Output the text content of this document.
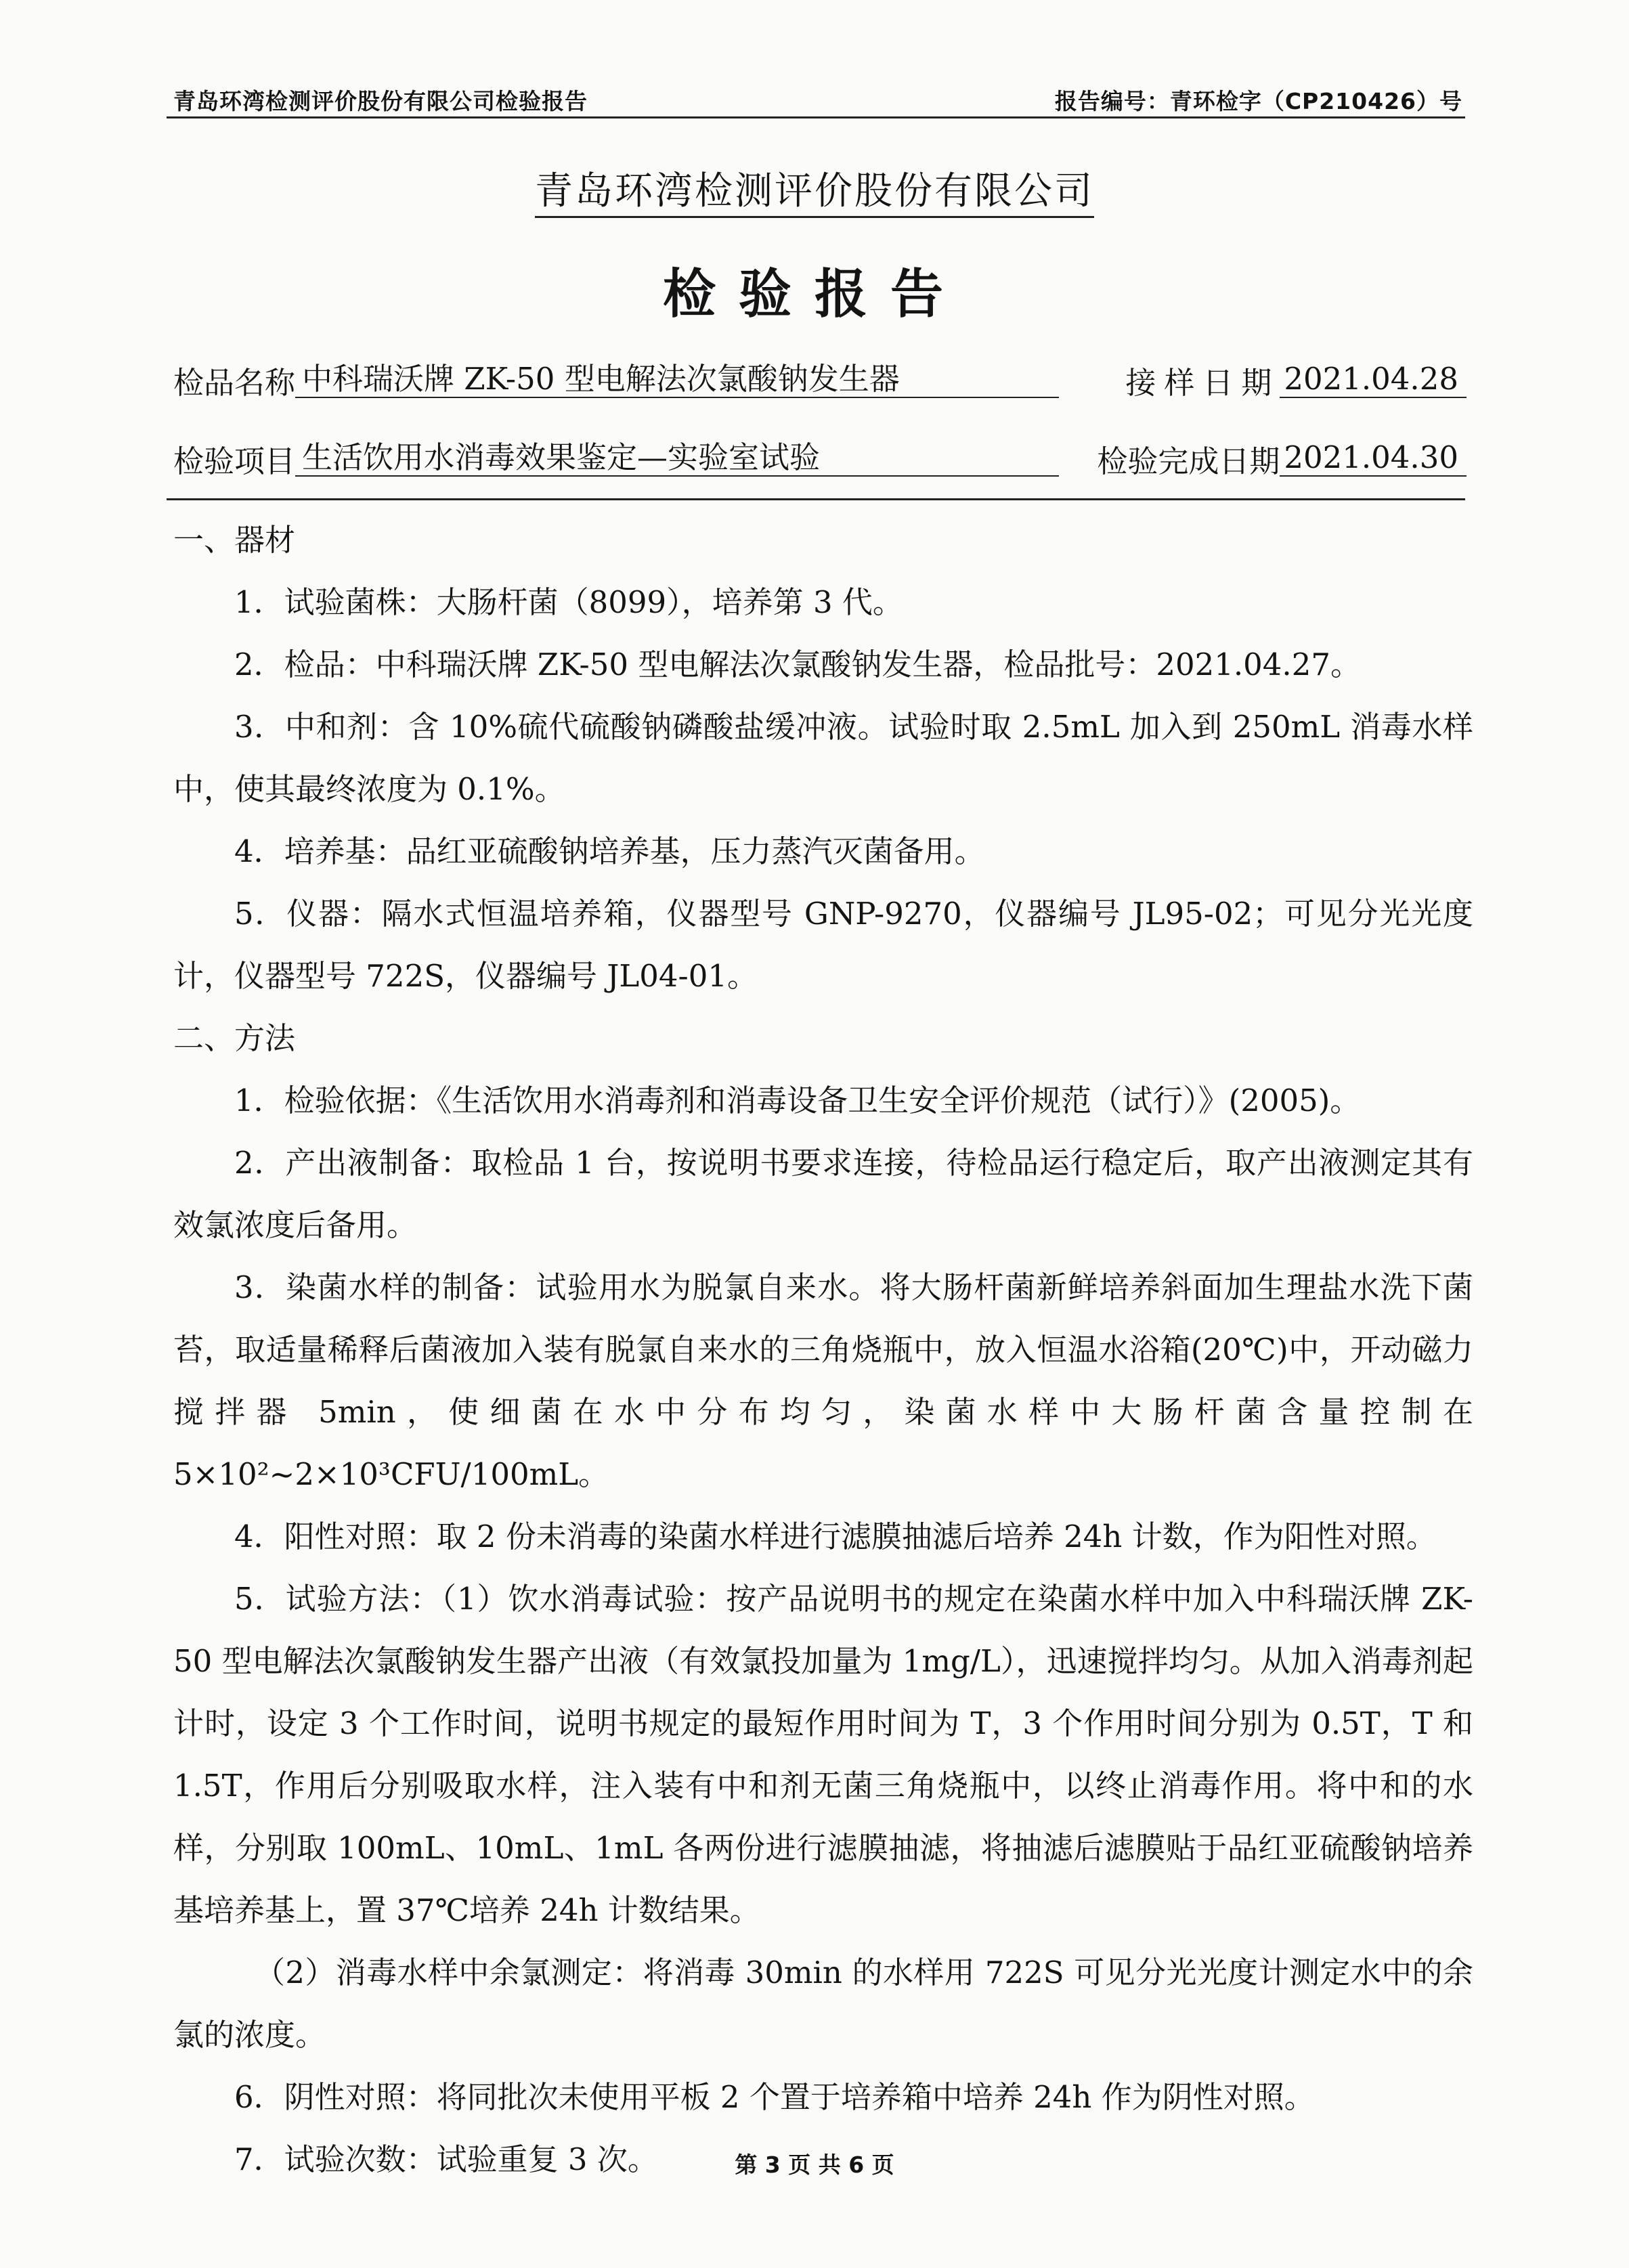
青岛环湾检测评价股份有限公司检验报告	报告编号：青环检字（CP210426）号
青岛环湾检测评价股份有限公司
检验报告
检品名称 中科瑞沃牌 ZK-50 型电解法次氯酸钠发生器	接样日期 2021.04.28
检验项目 生活饮用水消毒效果鉴定—实验室试验	检验完成日期 2021.04.30

一、器材

1．试验菌株：大肠杆菌（8099），培养第 3 代。

2．检品：中科瑞沃牌 ZK-50 型电解法次氯酸钠发生器，检品批号：2021.04.27。

3．中和剂：含 10%硫代硫酸钠磷酸盐缓冲液。试验时取 2.5mL 加入到 250mL 消毒水样中，使其最终浓度为 0.1%。

4．培养基：品红亚硫酸钠培养基，压力蒸汽灭菌备用。

5．仪器：隔水式恒温培养箱，仪器型号 GNP-9270，仪器编号 JL95-02；可见分光光度计，仪器型号 722S，仪器编号 JL04-01。

二、方法

1．检验依据：《生活饮用水消毒剂和消毒设备卫生安全评价规范（试行）》(2005)。

2．产出液制备：取检品 1 台，按说明书要求连接，待检品运行稳定后，取产出液测定其有效氯浓度后备用。

3．染菌水样的制备：试验用水为脱氯自来水。将大肠杆菌新鲜培养斜面加生理盐水洗下菌苔，取适量稀释后菌液加入装有脱氯自来水的三角烧瓶中，放入恒温水浴箱(20℃)中，开动磁力搅拌器 5min，使细菌在水中分布均匀，染菌水样中大肠杆菌含量控制在 5×10²~2×10³CFU/100mL。

4．阳性对照：取 2 份未消毒的染菌水样进行滤膜抽滤后培养 24h 计数，作为阳性对照。

5．试验方法：（1）饮水消毒试验：按产品说明书的规定在染菌水样中加入中科瑞沃牌 ZK-50 型电解法次氯酸钠发生器产出液（有效氯投加量为 1mg/L），迅速搅拌均匀。从加入消毒剂起计时，设定 3 个工作时间，说明书规定的最短作用时间为 T，3 个作用时间分别为 0.5T，T 和 1.5T，作用后分别吸取水样，注入装有中和剂无菌三角烧瓶中，以终止消毒作用。将中和的水样，分别取 100mL、10mL、1mL 各两份进行滤膜抽滤，将抽滤后滤膜贴于品红亚硫酸钠培养基培养基上，置 37℃培养 24h 计数结果。

（2）消毒水样中余氯测定：将消毒 30min 的水样用 722S 可见分光光度计测定水中的余氯的浓度。

6．阴性对照：将同批次未使用平板 2 个置于培养箱中培养 24h 作为阴性对照。

7．试验次数：试验重复 3 次。	第 3 页 共 6 页
